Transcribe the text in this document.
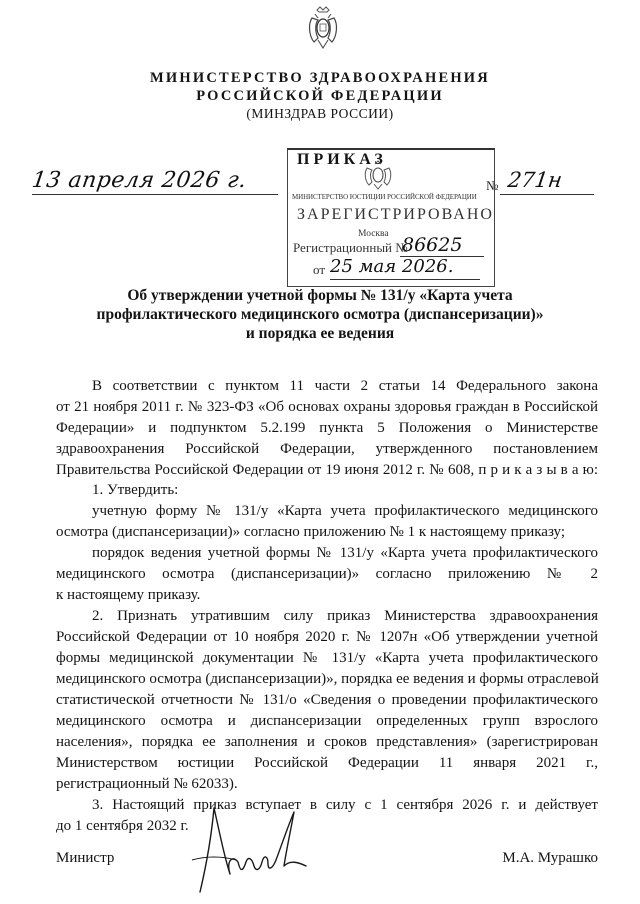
МИНИСТЕРСТВО ЗДРАВООХРАНЕНИЯ
РОССИЙСКОЙ ФЕДЕРАЦИИ
(МИНЗДРАВ РОССИИ)
13 апреля 2026 г.	№ 271н
ПРИКАЗ
МИНИСТЕРСТВО ЮСТИЦИИ РОССИЙСКОЙ ФЕДЕРАЦИИ
ЗАРЕГИСТРИРОВАНО
Москва
Регистрационный №
86625
от 25 мая 2026.
Об утверждении учетной формы № 131/у «Карта учета
профилактического медицинского осмотра (диспансеризации)»
и порядка ее ведения
В соответствии с пунктом 11 части 2 статьи 14 Федерального закона
от 21 ноября 2011 г. № 323-ФЗ «Об основах охраны здоровья граждан в Российской
Федерации» и подпунктом 5.2.199 пункта 5 Положения о Министерстве
здравоохранения Российской Федерации, утвержденного постановлением
Правительства Российской Федерации от 19 июня 2012 г. № 608, п р и к а з ы в а ю:
1. Утвердить:
учетную форму № 131/у «Карта учета профилактического медицинского
осмотра (диспансеризации)» согласно приложению № 1 к настоящему приказу;
порядок ведения учетной формы № 131/у «Карта учета профилактического
медицинского осмотра (диспансеризации)» согласно приложению № 2
к настоящему приказу.
2. Признать утратившим силу приказ Министерства здравоохранения
Российской Федерации от 10 ноября 2020 г. № 1207н «Об утверждении учетной
формы медицинской документации № 131/у «Карта учета профилактического
медицинского осмотра (диспансеризации)», порядка ее ведения и формы отраслевой
статистической отчетности № 131/о «Сведения о проведении профилактического
медицинского осмотра и диспансеризации определенных групп взрослого
населения», порядка ее заполнения и сроков представления» (зарегистрирован
Министерством юстиции Российской Федерации 11 января 2021 г.,
регистрационный № 62033).
3. Настоящий приказ вступает в силу с 1 сентября 2026 г. и действует
до 1 сентября 2032 г.
Министр	М.А. Мурашко
